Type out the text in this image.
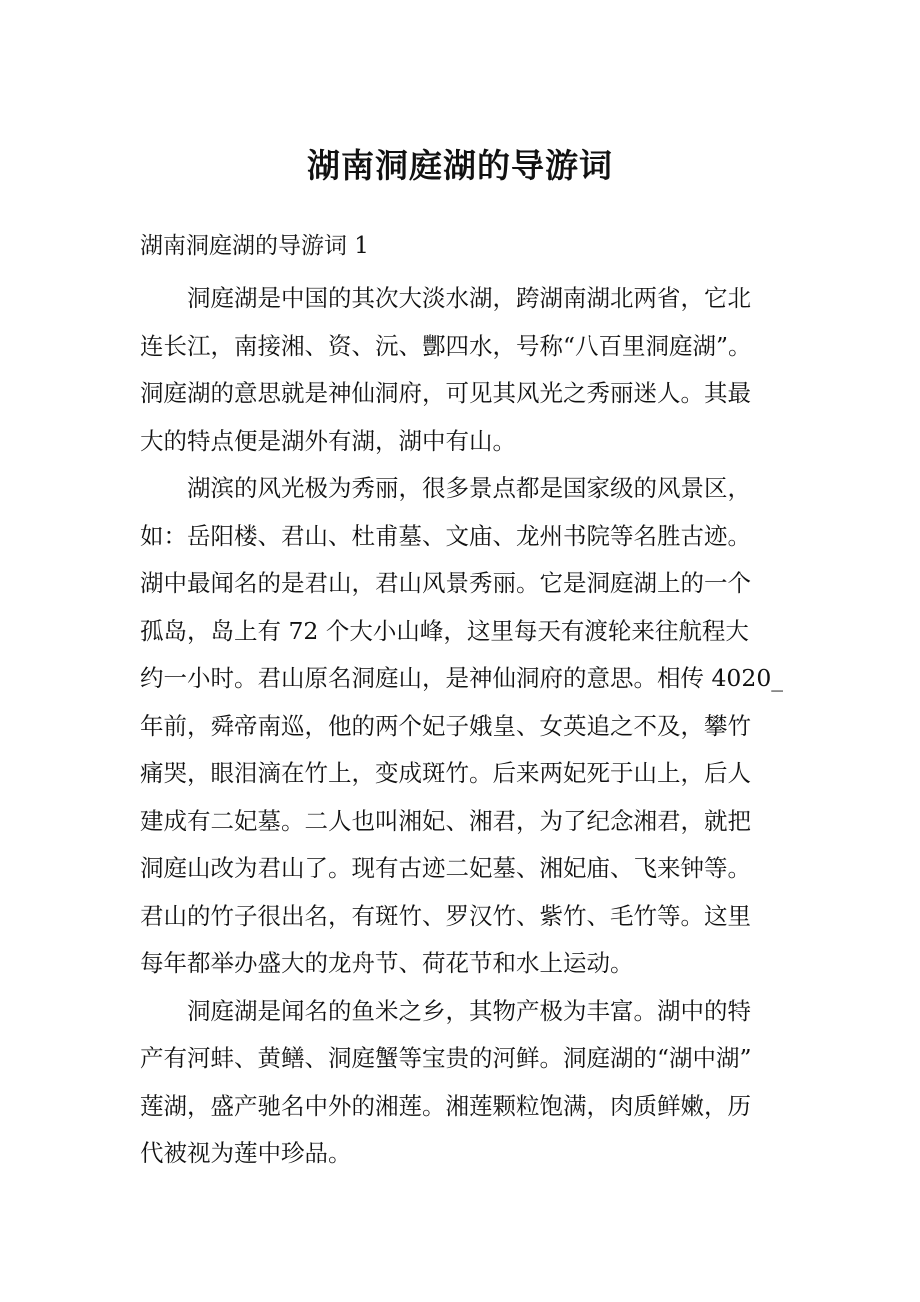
湖南洞庭湖的导游词
湖南洞庭湖的导游词 1
洞庭湖是中国的其次大淡水湖，跨湖南湖北两省，它北
连长江，南接湘、资、沅、酆四水，号称“八百里洞庭湖”。
洞庭湖的意思就是神仙洞府，可见其风光之秀丽迷人。其最
大的特点便是湖外有湖，湖中有山。
湖滨的风光极为秀丽，很多景点都是国家级的风景区，
如：岳阳楼、君山、杜甫墓、文庙、龙州书院等名胜古迹。
湖中最闻名的是君山，君山风景秀丽。它是洞庭湖上的一个
孤岛，岛上有 72 个大小山峰，这里每天有渡轮来往航程大
约一小时。君山原名洞庭山，是神仙洞府的意思。相传 4020_
年前，舜帝南巡，他的两个妃子娥皇、女英追之不及，攀竹
痛哭，眼泪滴在竹上，变成斑竹。后来两妃死于山上，后人
建成有二妃墓。二人也叫湘妃、湘君，为了纪念湘君，就把
洞庭山改为君山了。现有古迹二妃墓、湘妃庙、飞来钟等。
君山的竹子很出名，有斑竹、罗汉竹、紫竹、毛竹等。这里
每年都举办盛大的龙舟节、荷花节和水上运动。
洞庭湖是闻名的鱼米之乡，其物产极为丰富。湖中的特
产有河蚌、黄鳝、洞庭蟹等宝贵的河鲜。洞庭湖的“湖中湖”
莲湖，盛产驰名中外的湘莲。湘莲颗粒饱满，肉质鲜嫩，历
代被视为莲中珍品。
